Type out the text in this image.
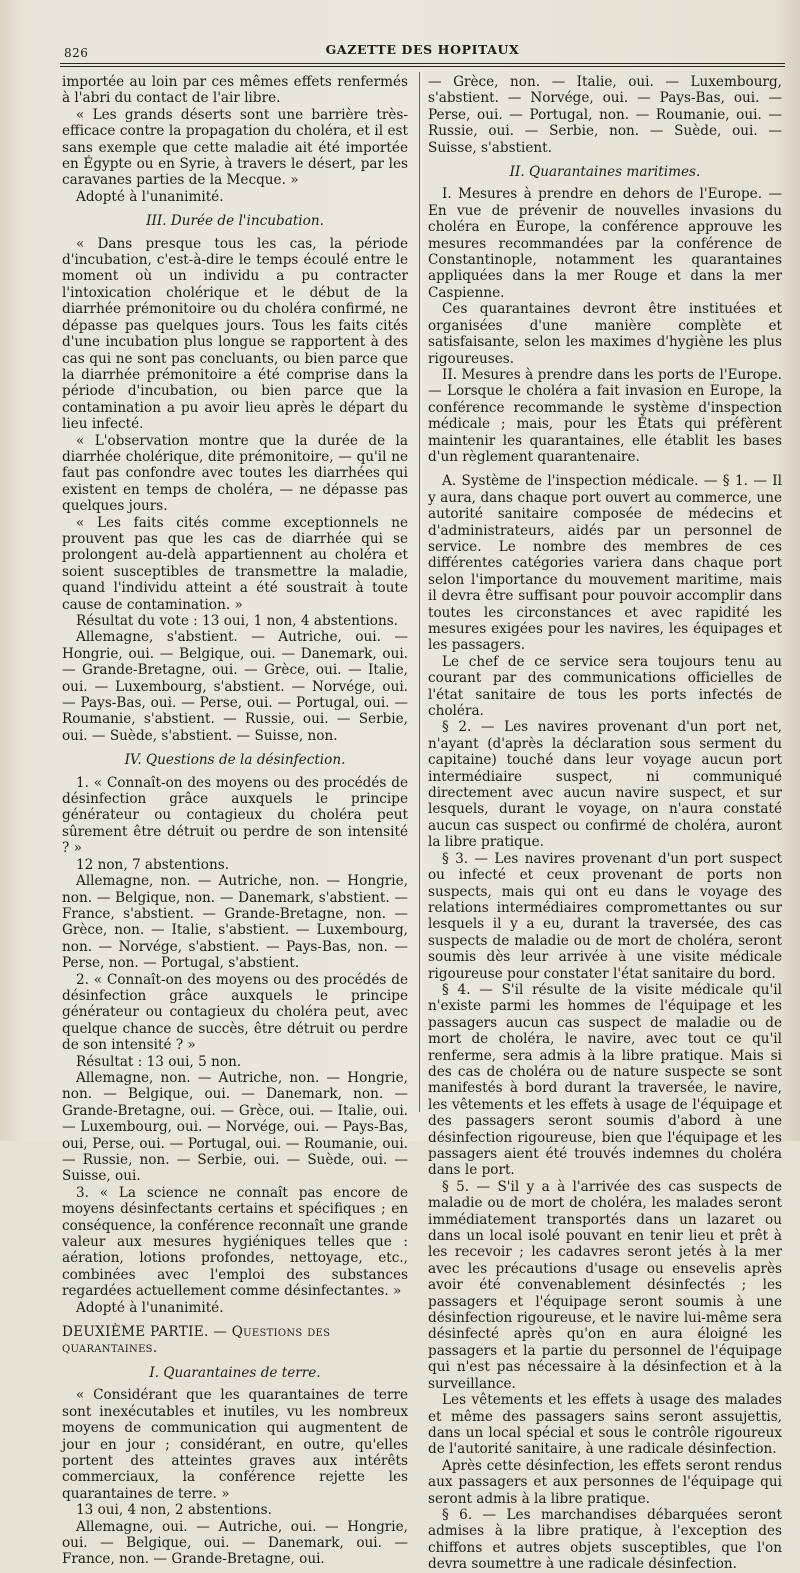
826	GAZETTE DES HOPITAUX

importée au loin par ces mêmes effets renfermés à l'abri du contact de l'air libre.

« Les grands déserts sont une barrière très-efficace contre la propagation du choléra, et il est sans exemple que cette maladie ait été importée en Égypte ou en Syrie, à travers le désert, par les caravanes parties de la Mecque. »

Adopté à l'unanimité.

III. Durée de l'incubation.

« Dans presque tous les cas, la période d'incubation, c'est-à-dire le temps écoulé entre le moment où un individu a pu contracter l'intoxication cholérique et le début de la diarrhée prémonitoire ou du choléra confirmé, ne dépasse pas quelques jours. Tous les faits cités d'une incubation plus longue se rapportent à des cas qui ne sont pas concluants, ou bien parce que la diarrhée prémonitoire a été comprise dans la période d'incubation, ou bien parce que la contamination a pu avoir lieu après le départ du lieu infecté.

« L'observation montre que la durée de la diarrhée cholérique, dite prémonitoire, — qu'il ne faut pas confondre avec toutes les diarrhées qui existent en temps de choléra, — ne dépasse pas quelques jours.

« Les faits cités comme exceptionnels ne prouvent pas que les cas de diarrhée qui se prolongent au-delà appartiennent au choléra et soient susceptibles de transmettre la maladie, quand l'individu atteint a été soustrait à toute cause de contamination. »

Résultat du vote : 13 oui, 1 non, 4 abstentions.

Allemagne, s'abstient. — Autriche, oui. — Hongrie, oui. — Belgique, oui. — Danemark, oui. — Grande-Bretagne, oui. — Grèce, oui. — Italie, oui. — Luxembourg, s'abstient. — Norvége, oui. — Pays-Bas, oui. — Perse, oui. — Portugal, oui. — Roumanie, s'abstient. — Russie, oui. — Serbie, oui. — Suède, s'abstient. — Suisse, non.

IV. Questions de la désinfection.

1. « Connaît-on des moyens ou des procédés de désinfection grâce auxquels le principe générateur ou contagieux du choléra peut sûrement être détruit ou perdre de son intensité ? »

12 non, 7 abstentions.

Allemagne, non. — Autriche, non. — Hongrie, non. — Belgique, non. — Danemark, s'abstient. — France, s'abstient. — Grande-Bretagne, non. — Grèce, non. — Italie, s'abstient. — Luxembourg, non. — Norvége, s'abstient. — Pays-Bas, non. — Perse, non. — Portugal, s'abstient.

2. « Connaît-on des moyens ou des procédés de désinfection grâce auxquels le principe générateur ou contagieux du choléra peut, avec quelque chance de succès, être détruit ou perdre de son intensité ? »

Résultat : 13 oui, 5 non.

Allemagne, non. — Autriche, non. — Hongrie, non. — Belgique, oui. — Danemark, non. — Grande-Bretagne, oui. — Grèce, oui. — Italie, oui. — Luxembourg, oui. — Norvége, oui. — Pays-Bas, oui, Perse, oui. — Portugal, oui. — Roumanie, oui. — Russie, non. — Serbie, oui. — Suède, oui. — Suisse, oui.

3. « La science ne connaît pas encore de moyens désinfectants certains et spécifiques ; en conséquence, la conférence reconnaît une grande valeur aux mesures hygiéniques telles que : aération, lotions profondes, nettoyage, etc., combinées avec l'emploi des substances regardées actuellement comme désinfectantes. »

Adopté à l'unanimité.

DEUXIÈME PARTIE. — Questions des quarantaines.
I. Quarantaines de terre.

« Considérant que les quarantaines de terre sont inexécutables et inutiles, vu les nombreux moyens de communication qui augmentent de jour en jour ; considérant, en outre, qu'elles portent des atteintes graves aux intérêts commerciaux, la conférence rejette les quarantaines de terre. »

13 oui, 4 non, 2 abstentions.

Allemagne, oui. — Autriche, oui. — Hongrie, oui. — Belgique, oui. — Danemark, oui. — France, non. — Grande-Bretagne, oui.

— Grèce, non. — Italie, oui. — Luxembourg, s'abstient. — Norvége, oui. — Pays-Bas, oui. — Perse, oui. — Portugal, non. — Roumanie, oui. — Russie, oui. — Serbie, non. — Suède, oui. — Suisse, s'abstient.

II. Quarantaines maritimes.

I. Mesures à prendre en dehors de l'Europe. — En vue de prévenir de nouvelles invasions du choléra en Europe, la conférence approuve les mesures recommandées par la conférence de Constantinople, notamment les quarantaines appliquées dans la mer Rouge et dans la mer Caspienne.

Ces quarantaines devront être instituées et organisées d'une manière complète et satisfaisante, selon les maximes d'hygiène les plus rigoureuses.

II. Mesures à prendre dans les ports de l'Europe. — Lorsque le choléra a fait invasion en Europe, la conférence recommande le système d'inspection médicale ; mais, pour les États qui préfèrent maintenir les quarantaines, elle établit les bases d'un règlement quarantenaire.

A. Système de l'inspection médicale. — § 1. — Il y aura, dans chaque port ouvert au commerce, une autorité sanitaire composée de médecins et d'administrateurs, aidés par un personnel de service. Le nombre des membres de ces différentes catégories variera dans chaque port selon l'importance du mouvement maritime, mais il devra être suffisant pour pouvoir accomplir dans toutes les circonstances et avec rapidité les mesures exigées pour les navires, les équipages et les passagers.

Le chef de ce service sera toujours tenu au courant par des communications officielles de l'état sanitaire de tous les ports infectés de choléra.

§ 2. — Les navires provenant d'un port net, n'ayant (d'après la déclaration sous serment du capitaine) touché dans leur voyage aucun port intermédiaire suspect, ni communiqué directement avec aucun navire suspect, et sur lesquels, durant le voyage, on n'aura constaté aucun cas suspect ou confirmé de choléra, auront la libre pratique.

§ 3. — Les navires provenant d'un port suspect ou infecté et ceux provenant de ports non suspects, mais qui ont eu dans le voyage des relations intermédiaires compromettantes ou sur lesquels il y a eu, durant la traversée, des cas suspects de maladie ou de mort de choléra, seront soumis dès leur arrivée à une visite médicale rigoureuse pour constater l'état sanitaire du bord.

§ 4. — S'il résulte de la visite médicale qu'il n'existe parmi les hommes de l'équipage et les passagers aucun cas suspect de maladie ou de mort de choléra, le navire, avec tout ce qu'il renferme, sera admis à la libre pratique. Mais si des cas de choléra ou de nature suspecte se sont manifestés à bord durant la traversée, le navire, les vêtements et les effets à usage de l'équipage et des passagers seront soumis d'abord à une désinfection rigoureuse, bien que l'équipage et les passagers aient été trouvés indemnes du choléra dans le port.

§ 5. — S'il y a à l'arrivée des cas suspects de maladie ou de mort de choléra, les malades seront immédiatement transportés dans un lazaret ou dans un local isolé pouvant en tenir lieu et prêt à les recevoir ; les cadavres seront jetés à la mer avec les précautions d'usage ou ensevelis après avoir été convenablement désinfectés ; les passagers et l'équipage seront soumis à une désinfection rigoureuse, et le navire lui-même sera désinfecté après qu'on en aura éloigné les passagers et la partie du personnel de l'équipage qui n'est pas nécessaire à la désinfection et à la surveillance.

Les vêtements et les effets à usage des malades et même des passagers sains seront assujettis, dans un local spécial et sous le contrôle rigoureux de l'autorité sanitaire, à une radicale désinfection.

Après cette désinfection, les effets seront rendus aux passagers et aux personnes de l'équipage qui seront admis à la libre pratique.

§ 6. — Les marchandises débarquées seront admises à la libre pratique, à l'exception des chiffons et autres objets susceptibles, que l'on devra soumettre à une radicale désinfection.
